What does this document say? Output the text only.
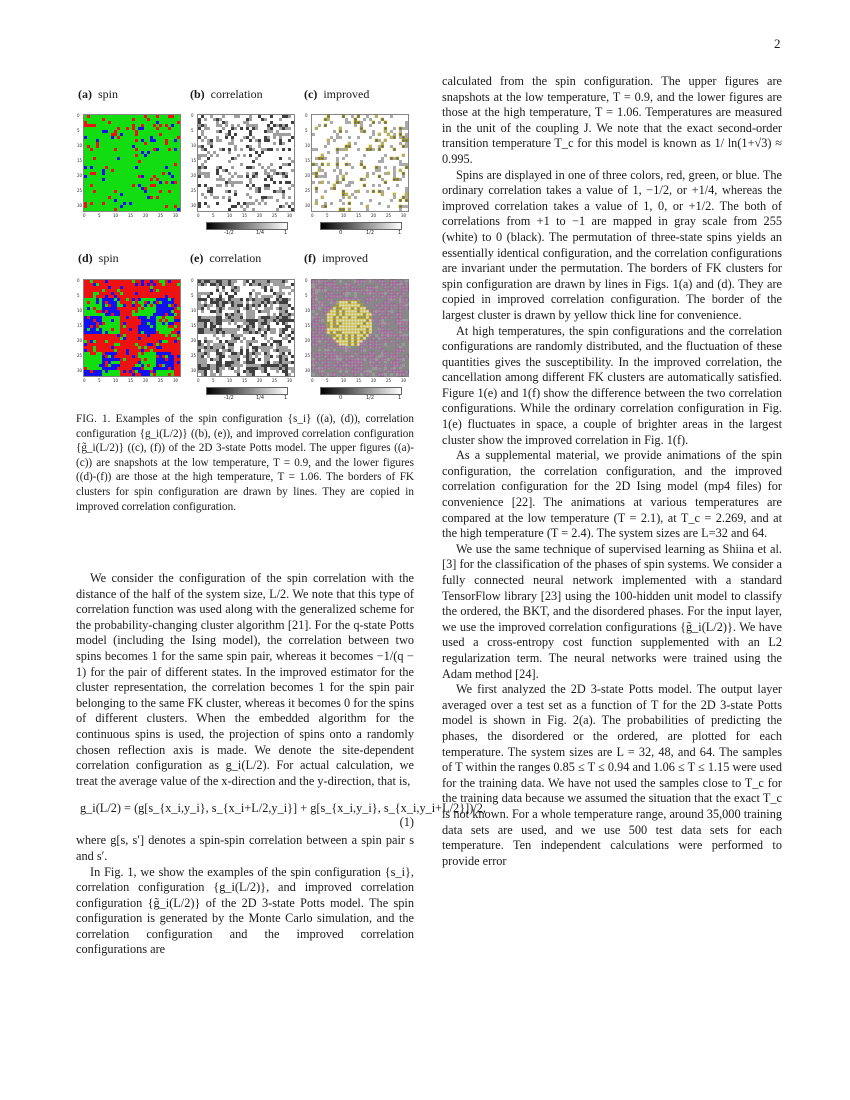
2
(a) spin	(b) correlation	(c) improved
(d) spin	(e) correlation	(f) improved
0
0
5
5
10
10
15
15
20
20
25
25
30
30
0
0
5
5
10
10
15
15
20
20
25
25
30
30
0
0
5
5
10
10
15
15
20
20
25
25
30
30
0
0
5
5
10
10
15
15
20
20
25
25
30
30
0
0
5
5
10
10
15
15
20
20
25
25
30
30
0
0
5
5
10
10
15
15
20
20
25
25
30
30
-1/2	1/4	1	0	1/2	1
-1/2	1/4	1	0	1/2	1

FIG. 1. Examples of the spin configuration {s_i} ((a), (d)), correlation configuration {g_i(L/2)} ((b), (e)), and improved correlation configuration {g̃_i(L/2)} ((c), (f)) of the 2D 3-state Potts model. The upper figures ((a)-(c)) are snapshots at the low temperature, T = 0.9, and the lower figures ((d)-(f)) are those at the high temperature, T = 1.06. The borders of FK clusters for spin configuration are drawn by lines. They are copied in improved correlation configuration.

We consider the configuration of the spin correlation with the distance of the half of the system size, L/2. We note that this type of correlation function was used along with the generalized scheme for the probability-changing cluster algorithm [21]. For the q-state Potts model (including the Ising model), the correlation between two spins becomes 1 for the same spin pair, whereas it becomes −1/(q − 1) for the pair of different states. In the improved estimator for the cluster representation, the correlation becomes 1 for the spin pair belonging to the same FK cluster, whereas it becomes 0 for the spins of different clusters. When the embedded algorithm for the continuous spins is used, the projection of spins onto a randomly chosen reflection axis is made. We denote the site-dependent correlation configuration as g_i(L/2). For actual calculation, we treat the average value of the x-direction and the y-direction, that is,

g_i(L/2) = (g[s_{x_i,y_i}, s_{x_i+L/2,y_i}] + g[s_{x_i,y_i}, s_{x_i,y_i+L/2}])/2,
(1)

where g[s, s′] denotes a spin-spin correlation between a spin pair s and s′.

In Fig. 1, we show the examples of the spin configuration {s_i}, correlation configuration {g_i(L/2)}, and improved correlation configuration {g̃_i(L/2)} of the 2D 3-state Potts model. The spin configuration is generated by the Monte Carlo simulation, and the correlation configuration and the improved correlation configurations are

calculated from the spin configuration. The upper figures are snapshots at the low temperature, T = 0.9, and the lower figures are those at the high temperature, T = 1.06. Temperatures are measured in the unit of the coupling J. We note that the exact second-order transition temperature T_c for this model is known as 1/ ln(1+√3) ≈ 0.995.

Spins are displayed in one of three colors, red, green, or blue. The ordinary correlation takes a value of 1, −1/2, or +1/4, whereas the improved correlation takes a value of 1, 0, or +1/2. The both of correlations from +1 to −1 are mapped in gray scale from 255 (white) to 0 (black). The permutation of three-state spins yields an essentially identical configuration, and the correlation configurations are invariant under the permutation. The borders of FK clusters for spin configuration are drawn by lines in Figs. 1(a) and (d). They are copied in improved correlation configuration. The border of the largest cluster is drawn by yellow thick line for convenience.

At high temperatures, the spin configurations and the correlation configurations are randomly distributed, and the fluctuation of these quantities gives the susceptibility. In the improved correlation, the cancellation among different FK clusters are automatically satisfied. Figure 1(e) and 1(f) show the difference between the two correlation configurations. While the ordinary correlation configuration in Fig. 1(e) fluctuates in space, a couple of brighter areas in the largest cluster show the improved correlation in Fig. 1(f).

As a supplemental material, we provide animations of the spin configuration, the correlation configuration, and the improved correlation configuration for the 2D Ising model (mp4 files) for convenience [22]. The animations at various temperatures are compared at the low temperature (T = 2.1), at T_c = 2.269, and at the high temperature (T = 2.4). The system sizes are L=32 and 64.

We use the same technique of supervised learning as Shiina et al. [3] for the classification of the phases of spin systems. We consider a fully connected neural network implemented with a standard TensorFlow library [23] using the 100-hidden unit model to classify the ordered, the BKT, and the disordered phases. For the input layer, we use the improved correlation configurations {g̃_i(L/2)}. We have used a cross-entropy cost function supplemented with an L2 regularization term. The neural networks were trained using the Adam method [24].

We first analyzed the 2D 3-state Potts model. The output layer averaged over a test set as a function of T for the 2D 3-state Potts model is shown in Fig. 2(a). The probabilities of predicting the phases, the disordered or the ordered, are plotted for each temperature. The system sizes are L = 32, 48, and 64. The samples of T within the ranges 0.85 ≤ T ≤ 0.94 and 1.06 ≤ T ≤ 1.15 were used for the training data. We have not used the samples close to T_c for the training data because we assumed the situation that the exact T_c is not known. For a whole temperature range, around 35,000 training data sets are used, and we use 500 test data sets for each temperature. Ten independent calculations were performed to provide error
